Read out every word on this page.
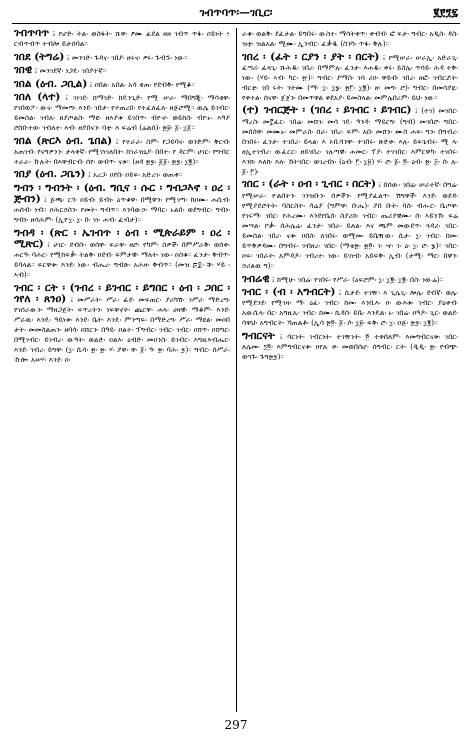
ገብጥባጥ፡—ገቢር፡	፪፻፺፯

ገብጥባጥ ፤ የሆድ፡ ትል፡ ወስፋት፡ ሹዋ፡ ፆሙ ፊደል ዘዘ ገብጥ ጥፋ፡ ዐይነት ፥ ርብጥብጥ ተብሎ ይታሰባል።

ገበደ (ትግሬ) ፤ መንገድ፡ ጉዳና፡ ገበያ፡ ዘሩና፡ ዎሩ፡ ጉብኙ፡ ነው።

ገበዊ ፤ መንገደኛ፡ ነጋዴ፡ ገበያተኛ።

ገበል (ዕብ. ጋቢል) ፤ ዐበል፡ አበል፡ አሳ ቂጠ፡ የደብቅ፡ የሚቆ።

ገበለ (ላተ) ፤ ገነገደ፡ ከማገድ፡ ከዴንጊድ፡ የሚ ሠራ፡ ማበግጂ፡ ማሳቂዋ፡ የገበወፖ፡ ውና፡ ማመጣ፡ እንደ፡ ገበታ፡ የተጠረበ፡ የተፈለፈለ፡ ዘጅሮሚ። ዉሌ ይገብር፡ ይመስል፡ ገብለ፡ ዘያጦልስ፡ ማዩ፡ ዘእያቱ ይገበጥ፡ ብዮኖ፡ ወይከስ፡ ብዮኑ፡ እዓያ ሮስቡተወ፡ ገብለተ፡ እብ፡ ዘያበናን፡ ባቲ፡ እ ፍሬብ (ሬልሰ)፡ ፳፱፡ ፩፡ ፲፩።

ገበል (ጽርእ ዕብ. ጌበል) ፤ የተራራ፡ ስም፡ የጋይባና፡ ወንድም፡ ቅርብ፡ አጠገብ፡ የናግዎንን፡ ታላቀኛ፡ የሚገነገለበት፡ ከገራዝኒያ፡ በበተ፡ የ ዳርም፡ ሀገር፡ የግብር ተራራ፡ ኹሉት፡ በእዋብርብ፡ ሰየ፡ ወብጥ፡ ናቱ። (ዘዳ ፳፯፡ ፩፩፡ ፳፯፡ ፲፪)።

ገበያ (ዕብ. ጋቤን) ፤ አረጋ፡ ዐየበ፡ ዐይፍ፡ አድረገ፡ ወጠቀ።

ግብን ፡ ግብንት ፡ (ዕብ. ግቢና ፡ ሱር ፡ ግብጋእኖ ፡ ዐረ ፡ ጅብን) ፤ ጅጫ፡ ርጎ፡ ዐይብ፡ ይብነ፡ ዕጥቁዋ፡ በሚዋን፡ የሚገጣ፡ ክዐሙ፡ ሐሲብ፡ ሐሰብ፡ ነብ። ዐሕርኃስን፡ የመት፡ ግብጥ። እንባውኃ፡ ማባር፡ ኑልበ፡ ወደግብር፡ ግብነ፡ ግብነ፡ ዘሳሕም፡ (ኢዮ፲፡ ፲፡ በ፡ ገነ፡ ሐብ፡ ፈብታ)።

ግብዳ ፡ (ጽር ፡ ኤገብጥ ፡ ዕብ ፡ ሚጵራይም ፡ ዐረ ፡ ሚጽር) ፤ ሀገር፡ ደብቡ፡ ወሰዋ፡ ፍራዋ፡ ዘሮ፡ የካም፡ ስዎች፡ በምሥራቅ፡ ወሰቀ፡ ሐርዓ፡ ባሕር፡ የሚከፍቃ፡ ትልቅ፡ ዐደብ፡ ፍምታዊ፡ ማለት፡ ነው፡ ዐስቁ። ፈንታ፡ ቅብጥ፡ ይባላል። ፍርዋቱ፡ እንደ፡ ነው፡ ብሔረ፡ ግብጽ፡ አሕዛ፡ ቅብጥ። (መዝ ፷፰፡ ቹ፡ ሃይ ፡ ኣብ)።

ገብር ፡ ርት ፡ (ገብረ ፡ ይገብር ፡ ይግበር ፡ ዕብ ፡ ጋበር ፡ ጎየለ ፡ ጸንዐ) ፤ መሥራት፡ ሥራ፡ ፊደ፡ መፍጠር፡ ያሪካሽ፡ ገሥሪ፡ ማድረግ፡ የገሰራውን፡ ማዘጋጀት፡ ፍጥረትን፡ ነፍዋኖት፡ ጨርዋ፡ ሐላ፡ ሀዛዊ፡ ማቆም፡ እንደ፡ ሥራዉ፡ እንዴ፡ ዓይነቱ፡ እንደ፡ ቤት፡ እንዴ፡ ምንጣፍ፡ በማድረግ፡ ሥራ፡ ማዩል፡ መዐበ ታት፡ መመስልጠን፡ ዘባሳ፡ ዐሸርን፡ በዓይ፡ ዐልተ፡ ፕግብር፡ ገብር፡ ገብር፡ ዐሸጥ፡ ዐሸግር፡ በሚገብር፡ ይገብረ፡ ውዓት፡ ወልድ፡ ዐልእ፡ ዕብድ፡ መዐንስ፡ ይገብር፡ እግዚእብሔር፡ እንደ፡ ገብረ፡ ይግዋ፡ (፲፡ ሲሳ፡ ፳፡ ፳፡ ሃ፡ ያዋ፡ ዋ፡ ፩፡ ዓ፡ ፳፡ ባሕ፡ ፯)። ግብር፡ ሰሥራ፡ ኹሎ፡ አሠሃ፡ እንደ፡ ዐ፡

ራቁ፡ ወልቅ፡ ደፈታል፡ ይግበሩ፡ ውስተ፡ ማሳትቀጥ፡ ቀብብ፡ ፎ ፍታ፡ ግብር፡ አዲስ፡ ዳስ፡ ዝቲ፡ ዝልአል፡ ሚሙ፡ ኢንብር፡ ፈቃዱ (ስንካ፡ ጥፋ፡ ቅሉ)።

ገበረ ፡ (ፈት ፡ ርያን ፡ ያት ፡ በርት) ፤ የሚሠራ፡ ሠራኢ፡ አድራጊ፡ ፈጣሪ፡ ፈላጊ፡ ሹሕዱ፡ ገበረ፡ በማምሉ፡ ፈንታ፡ እሐዱ፡ ቀሩ፡ ይስሌ፡ ጥሳይ፡ ሕዳ ተቅ፡ ነው፡ (ሃይ፡ ኣብ፡ ካር፡ ፹)። ግብር፡ ያማስ፡ ገሳ ሪዐ፡ ዋይብ፡ ገበረ፡ ዘፎ፡ ገብርሯት፡ ብርቲ፡ ገበ ሩት፡ ንትሙ (ማ፡ ፲፡ ፲፮፡ ፳፫፡ ፲፪)፡ ዘ፡ መግ፡ ሮ)፡ ግብር፡ በመሳያዪ፡ የቀተል፡ ሰናዋ፡ ጀጀን፡ በመጥዋል ቀደአያ፡ ይመስላል፡ መምሌበረም፡ ይህ፡ ነው።

(ተ) ገብርጅት ፡ (ገበረ ፡ ይገብር ፡ ይገብር) ፤ (ተገ) መገበር፡ ማረስ፡ መኟፈር፡ ገበሬ፡ መሸገ፡ መሳ ገዴ፡ ዓንዳ፡ ማይርግ፡ (ግብ) መገበሮ፡ ግበር፡ መበስዋ፡ መሙኑ፡ መምራስ፡ ሰራ፡ ገበረ፡ ፍም፡ አበ፡ መሸን፡ ሙስ ሐፍ፡ ግን፡ በግብረ፡ በገበሩ፡ ፈንታ፡ ተገበረ፡ ይላል፡ እ ኦቢሳንዋ፡ ተገበሩ፡ ጽድቀ፡ እሉ፡ ይፍጌብሩ፡ ሚ ላ፡ ዘኢተገብረ፡ ውፈርር፡ ዘይገበረ፡ ገሉጣዊ፡ ሐመር፡ ፕያ፡ ተገገበር፡ እምርዋካ፡ ተገበሩ፡ እንክ፡ እለክ፡ እለ፡ ኸትገበር፡ ወገረብነ፡ (ዕብ፡ ፫፡ ፲፱) ሃ፡ ሮ፡ ፩፡ ፬፡ ዕብ፡ ፳፡ ፭፡ ሰ፡ ሉ፡ ፩፡ ፫)፡

ገበር ፡ (ራት ፡ ዐብ ፡ ጊብር ፡ በርት) ፤ በሰው፡ ገበሬ፡ ሠራተኛ፡ በግሬ፡ የሚሠራ፡ ዮልበትን፡ ገንዝቡን፡ ሰዎችን፡ የሚያፈልጥ፡ ሽግዋች፡ እንደ፡ ወደዳ፡ የሚያደሮትት፡ ባስርስት፡ ሳሬያ (ግምዋ፡ ቡሔ)፡ ያበ ቡት፡ ባስ፡ ብሑር፡ ቤጦዋ፡ የገሩማ፡ ገበር፡ የሕረሙ፡ እንደየቤሰ፡ ስያሪክ፡ ገብር፡ ጤሪያዊሙ፡ ሰ፡ ኣይንኽ፡ ፍሬ መሣል፡ ኮቃ፡ ሰሕሌሬ፡ ፈንታ፡ ገበራ፡ ይለል፡ እና ጫም መውደጥ፡ ጓዳሪ፡ ገበር፡ ይመስል፡ ገበረ፡ ናቱ፡ ዐበስ፡ ለገበሩ፡ ወሚመ፡ ይቤዥው፡ ሲታ፡ ፲፡ ገብር፡ ከመ፡ ይጥቅዎዳሙ፡ በግብሩ፡ ገብዘረ፡ ገበር፡ (ማቴ፳፡ ፳፬፡ ገ፡ ኆ፡ ገ፡ ዕ፡ ፲፡ ሮ፡ ፮)። ገበር፡ ዐፍ፡ ገበራት፡ አምዳዶ፡ ገብረተ፡ ነው፡ ይገነብ፡ አይፍቅ፡ ኢብ፡ (ታሚ፡ ማር፡ በዋን፡ ኃሪልዉ ግ)።

ገብሬዊ ፤ ከሚሁ፡ ገበሬ፡ የገበሩ፡ የሥራ፡ (ዕፍሮም፡ ፲፡ ፲፪፡ ፲፪፡ በስ፡ ነውሬ)።

ገብር ፡ (ብ ፡ አግብርት) ፤ ሲታደ፡ ተገዥ፡ እ ጊሌጊ፡ ሎሌ፡ ደብኛ፡ ወሌ፡ የሚደንደ፡ የሚገዛ፡ ማ፡ ዕፈ፡ ገብር፡ ከመ፡ እንቢእ፡ ዐ፡ ውእቱ፡ ገብር፡ ያዕቀብ፡ አውሲላ፡ በር፡ አግዚኡ፡ ገብር፡ ከሙ፡ ኪዳስ፡ ይቤ፡ እንዴል፡ ኑ፡ ገበሬ፡ ዐዓዶ፡ ጊር፡ ወልደ፡ ሳዋህ፡ አግብርት፡ ኻጠልቶ፡ (ኢሳ ፳፬፡ ፩፡ ሶ፡ ፲፱፡ ፍቅ፡ ሮ፡ ፲፡ ዐጅ፡ ፳፯፡ ፲፪)።

ግብርናት ፤ ባርነት፡ ገብርነት፡ ተገዥነት፡ ፬ ተቀበለም፡ እመግብርናቱ፡ ገበር፡ ለሌመ፡ ፺፬፡ እምግብርናቱ፡ ዐየሉ ቀ፡ መወበሰሆ፡ ሰግብር፡ ርት፡ (ዲዲ፡ ፳፡ የብጭ፡ ወኀጉ፡ ጉግ፳፯)።

297
